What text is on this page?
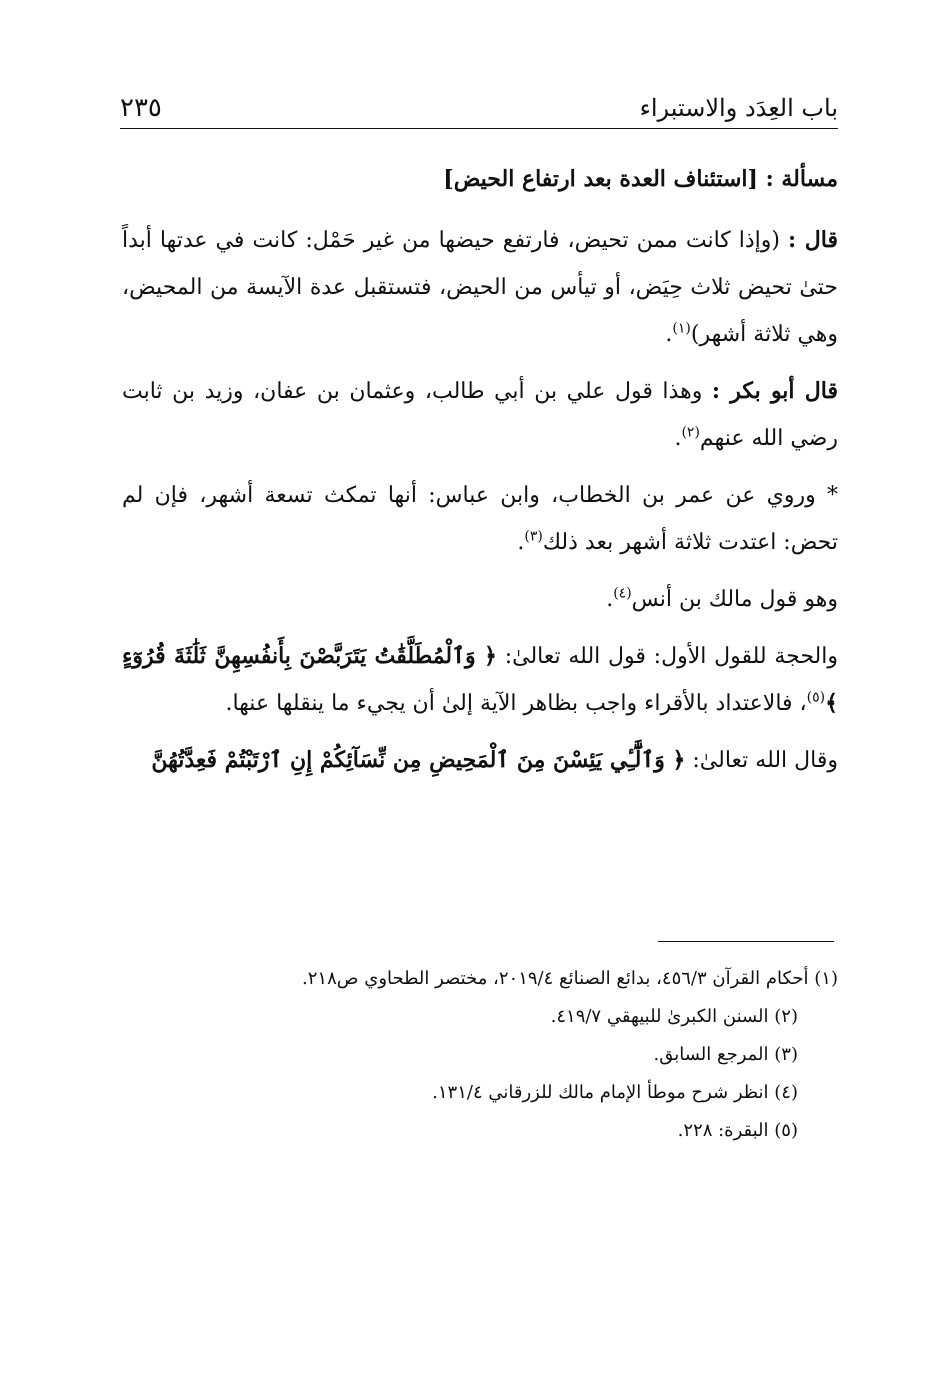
باب العِدَد والاستبراء
٢٣٥

مسألة : [استئناف العدة بعد ارتفاع الحيض]

قال : (وإذا كانت ممن تحيض، فارتفع حيضها من غير حَمْل: كانت في عدتها أبداً حتىٰ تحيض ثلاث حِيَض، أو تيأس من الحيض، فتستقبل عدة الآيسة من المحيض، وهي ثلاثة أشهر)$^{(١)}$.

قال أبو بكر : وهذا قول علي بن أبي طالب، وعثمان بن عفان، وزيد بن ثابت رضي الله عنهم$^{(٢)}$.

* وروي عن عمر بن الخطاب، وابن عباس: أنها تمكث تسعة أشهر، فإن لم تحض: اعتدت ثلاثة أشهر بعد ذلك$^{(٣)}$.

وهو قول مالك بن أنس$^{(٤)}$.

والحجة للقول الأول: قول الله تعالىٰ: ﴿ وَٱلْمُطَلَّقَٰتُ يَتَرَبَّصْنَ بِأَنفُسِهِنَّ ثَلَٰثَةَ قُرُوٓءٍ ﴾$^{(٥)}$، فالاعتداد بالأقراء واجب بظاهر الآية إلىٰ أن يجيء ما ينقلها عنها.

وقال الله تعالىٰ: ﴿ وَٱلَّٰٓـِٔي يَئِسْنَ مِنَ ٱلْمَحِيضِ مِن نِّسَآئِكُمْ إِنِ ٱرْتَبْتُمْ فَعِدَّتُهُنَّ

(١) أحكام القرآن ٤٥٦/٣، بدائع الصنائع ٢٠١٩/٤، مختصر الطحاوي ص٢١٨.

(٢) السنن الكبرىٰ للبيهقي ٤١٩/٧.

(٣) المرجع السابق.

(٤) انظر شرح موطأ الإمام مالك للزرقاني ١٣١/٤.

(٥) البقرة: ٢٢٨.
